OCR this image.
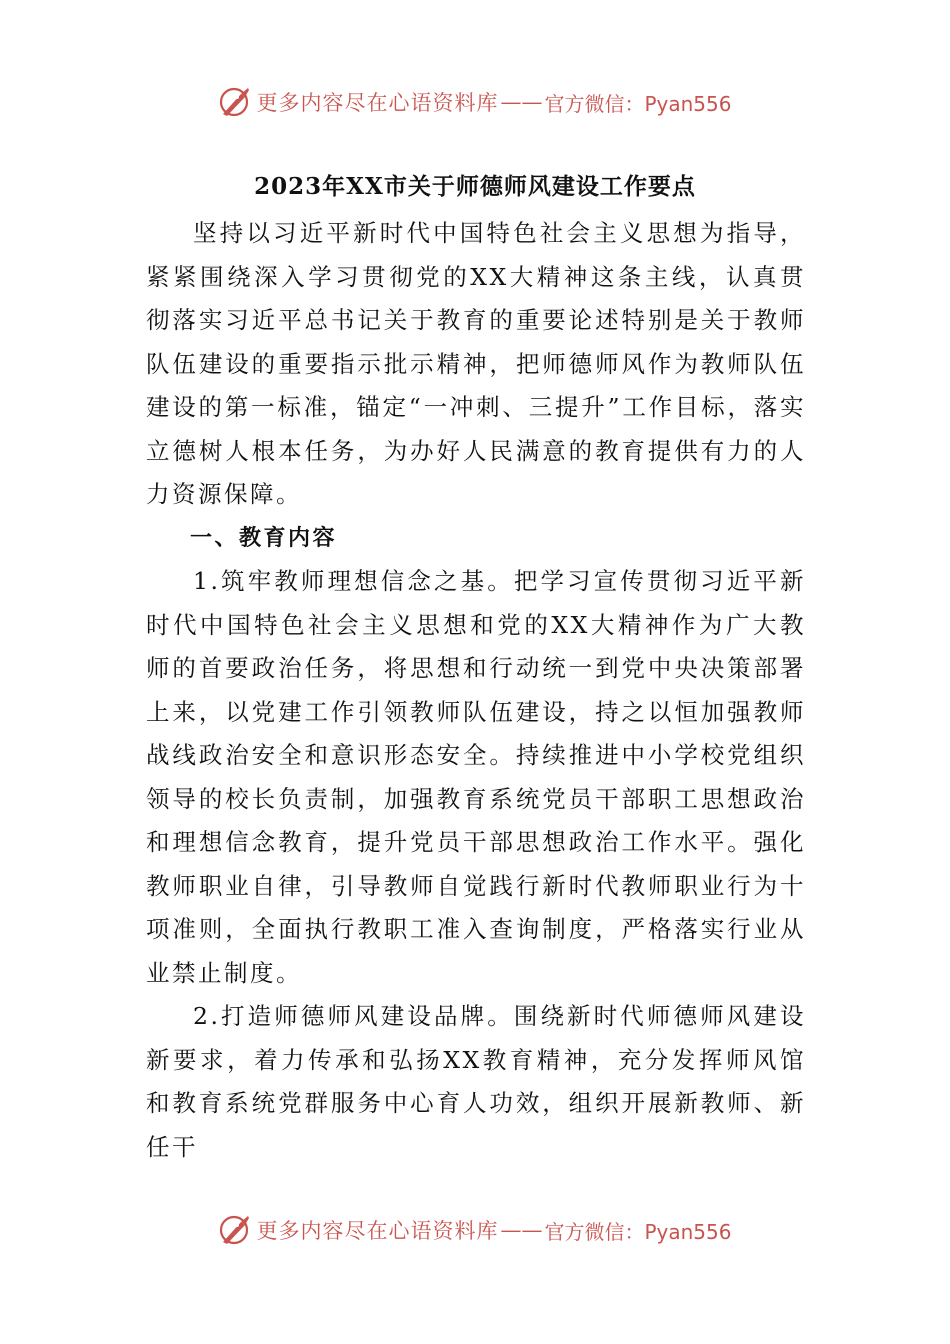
更多内容尽在心语资料库 —— 官方微信：Pyan556
2023年XX市关于师德师风建设工作要点

坚持以习近平新时代中国特色社会主义思想为指导，紧紧围绕深入学习贯彻党的XX大精神这条主线，认真贯彻落实习近平总书记关于教育的重要论述特别是关于教师队伍建设的重要指示批示精神，把师德师风作为教师队伍建设的第一标准，锚定“一冲刺、三提升”工作目标，落实立德树人根本任务，为办好人民满意的教育提供有力的人力资源保障。

一、教育内容

1.筑牢教师理想信念之基。把学习宣传贯彻习近平新时代中国特色社会主义思想和党的XX大精神作为广大教师的首要政治任务，将思想和行动统一到党中央决策部署上来，以党建工作引领教师队伍建设，持之以恒加强教师战线政治安全和意识形态安全。持续推进中小学校党组织领导的校长负责制，加强教育系统党员干部职工思想政治和理想信念教育，提升党员干部思想政治工作水平。强化教师职业自律，引导教师自觉践行新时代教师职业行为十项准则，全面执行教职工准入查询制度，严格落实行业从业禁止制度。

2.打造师德师风建设品牌。围绕新时代师德师风建设新要求，着力传承和弘扬XX教育精神，充分发挥师风馆和教育系统党群服务中心育人功效，组织开展新教师、新任干

更多内容尽在心语资料库 —— 官方微信：Pyan556
